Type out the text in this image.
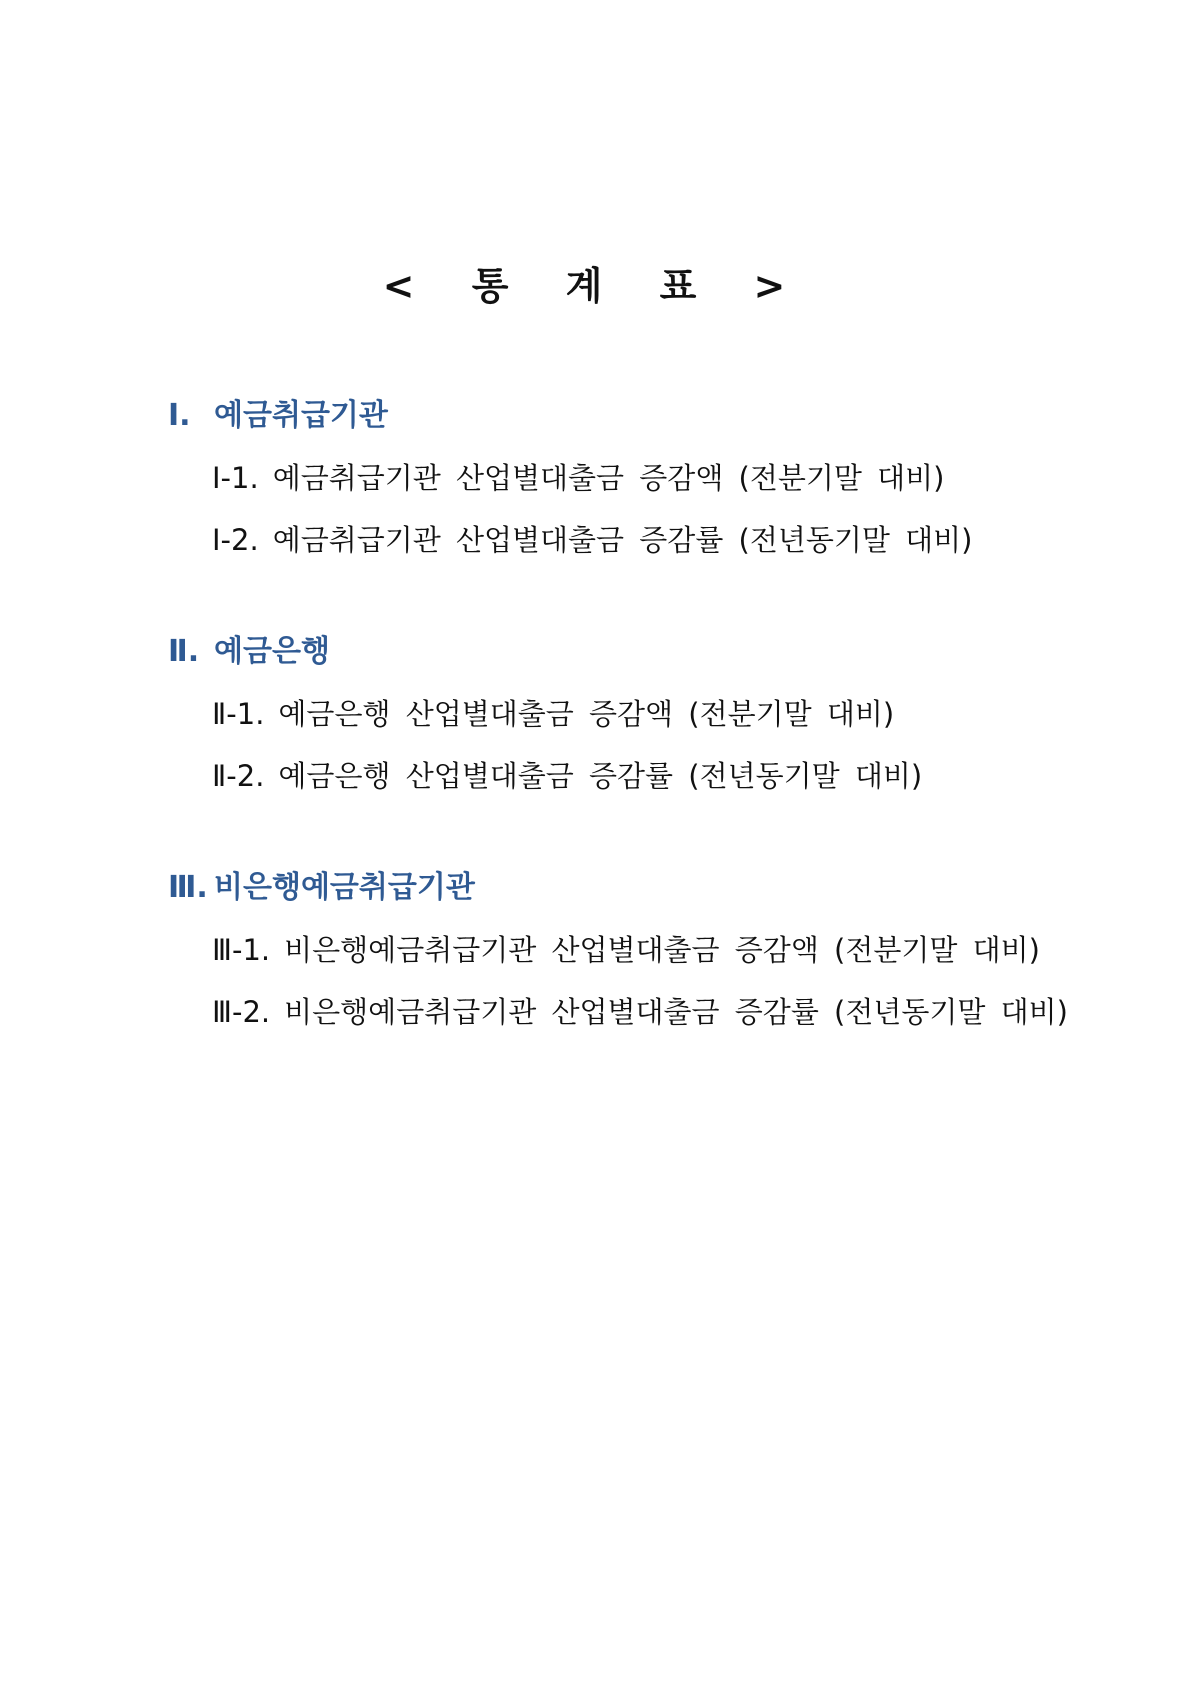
< 통 계 표 >
Ⅰ. 예금취급기관
Ⅰ-1. 예금취급기관 산업별대출금 증감액 (전분기말 대비)
Ⅰ-2. 예금취급기관 산업별대출금 증감률 (전년동기말 대비)
Ⅱ. 예금은행
Ⅱ-1. 예금은행 산업별대출금 증감액 (전분기말 대비)
Ⅱ-2. 예금은행 산업별대출금 증감률 (전년동기말 대비)
Ⅲ. 비은행예금취급기관
Ⅲ-1. 비은행예금취급기관 산업별대출금 증감액 (전분기말 대비)
Ⅲ-2. 비은행예금취급기관 산업별대출금 증감률 (전년동기말 대비)
